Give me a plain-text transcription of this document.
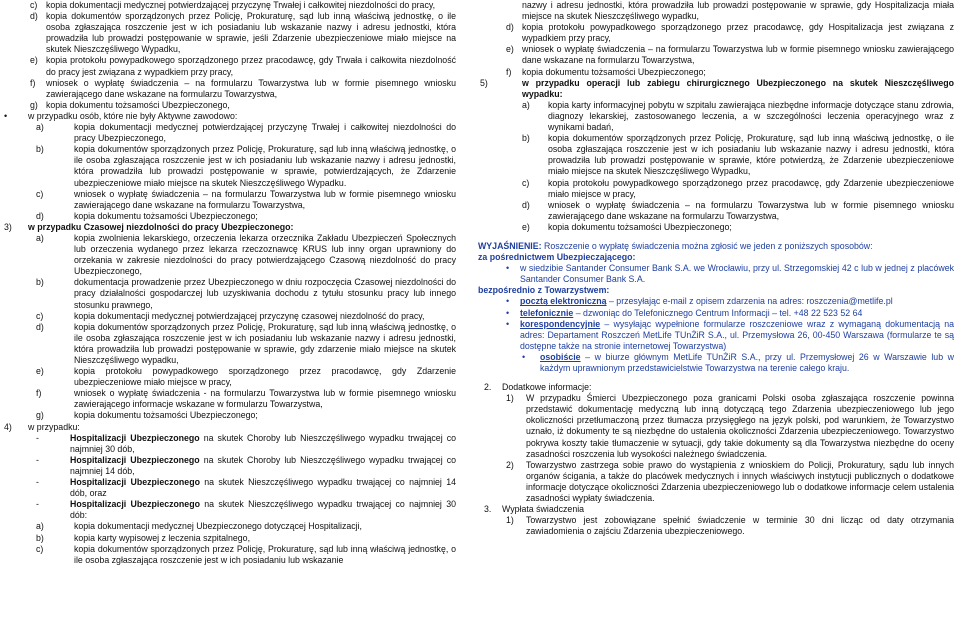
c) kopia dokumentacji medycznej potwierdzającej przyczynę Trwałej i całkowitej niezdolności do pracy,
d) kopia dokumentów sporządzonych przez Policję, Prokuraturę, sąd lub inną właściwą jednostkę, o ile osoba zgłaszająca roszczenie jest w ich posiadaniu lub wskazanie nazwy i adresu jednostki, która prowadziła lub prowadzi postępowanie w sprawie, jeśli Zdarzenie ubezpieczeniowe miało miejsce na skutek Nieszczęśliwego Wypadku,
e) kopia protokołu powypadkowego sporządzonego przez pracodawcę, gdy Trwała i całkowita niezdolność do pracy jest związana z wypadkiem przy pracy,
f) wniosek o wypłatę świadczenia – na formularzu Towarzystwa lub w formie pisemnego wniosku zawierającego dane wskazane na formularzu Towarzystwa,
g) kopia dokumentu tożsamości Ubezpieczonego,
• w przypadku osób, które nie były Aktywne zawodowo:
a)	kopia dokumentacji medycznej potwierdzającej przyczynę Trwałej i całkowitej niezdolności do pracy Ubezpieczonego,
b)	kopia dokumentów sporządzonych przez Policję, Prokuraturę, sąd lub inną właściwą jednostkę, o ile osoba zgłaszająca roszczenie jest w ich posiadaniu lub wskazanie nazwy i adresu jednostki, która prowadziła lub prowadzi postępowanie w sprawie, potwierdzających, że Zdarzenie ubezpieczeniowe miało miejsce na skutek Nieszczęśliwego Wypadku.
c)	wniosek o wypłatę świadczenia – na formularzu Towarzystwa lub w formie pisemnego wniosku zawierającego dane wskazane na formularzu Towarzystwa,
d)	kopia dokumentu tożsamości Ubezpieczonego;
3) w przypadku Czasowej niezdolności do pracy Ubezpieczonego:
a)	kopia zwolnienia lekarskiego, orzeczenia lekarza orzecznika Zakładu Ubezpieczeń Społecznych lub orzeczenia wydanego przez lekarza rzeczoznawcę KRUS lub inny organ uprawniony do orzekania w zakresie niezdolności do pracy potwierdzającego Czasową niezdolność do pracy Ubezpieczonego,
b)	dokumentacja prowadzenie przez Ubezpieczonego w dniu rozpoczęcia Czasowej niezdolności do pracy działalności gospodarczej lub uzyskiwania dochodu z tytułu stosunku pracy lub innego stosunku prawnego,
c)	kopia dokumentacji medycznej potwierdzającej przyczynę czasowej niezdolność do pracy,
d)	kopia dokumentów sporządzonych przez Policję, Prokuraturę, sąd lub inną właściwą jednostkę, o ile osoba zgłaszająca roszczenie jest w ich posiadaniu lub wskazanie nazwy i adresu jednostki, która prowadziła lub prowadzi postępowanie w sprawie, gdy zdarzenie miało miejsce na skutek Nieszczęśliwego wypadku,
e)	kopia protokołu powypadkowego sporządzonego przez pracodawcę, gdy Zdarzenie ubezpieczeniowe miało miejsce w pracy,
f)	wniosek o wypłatę świadczenia - na formularzu Towarzystwa lub w formie pisemnego wniosku zawierającego informacje wskazane w formularzu Towarzystwa,
g)	kopia dokumentu tożsamości Ubezpieczonego;
4) w przypadku:
-	Hospitalizacji Ubezpieczonego na skutek Choroby lub Nieszczęśliwego wypadku trwającej co najmniej 30 dób,
-	Hospitalizacji Ubezpieczonego na skutek Choroby lub Nieszczęśliwego wypadku trwającej co najmniej 14 dób,
-	Hospitalizacji Ubezpieczonego na skutek Nieszczęśliwego wypadku trwającej co najmniej 14 dób, oraz
-	Hospitalizacji Ubezpieczonego na skutek Nieszczęśliwego wypadku trwającej co najmniej 30 dób:
a)	kopia dokumentacji medycznej Ubezpieczonego dotyczącej Hospitalizacji,
b)	kopia karty wypisowej z leczenia szpitalnego,
c)	kopia dokumentów sporządzonych przez Policję, Prokuraturę, sąd lub inną właściwą jednostkę, o ile osoba zgłaszająca roszczenie jest w ich posiadaniu lub wskazanie
nazwy i adresu jednostki, która prowadziła lub prowadzi postępowanie w sprawie, gdy Hospitalizacja miała miejsce na skutek Nieszczęśliwego wypadku,
d) kopia protokołu powypadkowego sporządzonego przez pracodawcę, gdy Hospitalizacja jest związana z wypadkiem przy pracy,
e) wniosek o wypłatę świadczenia – na formularzu Towarzystwa lub w formie pisemnego wniosku zawierającego dane wskazane na formularzu Towarzystwa,
f) kopia dokumentu tożsamości Ubezpieczonego;
5)	w przypadku operacji lub zabiegu chirurgicznego Ubezpieczonego na skutek Nieszczęśliwego wypadku:
a) kopia karty informacyjnej pobytu w szpitalu zawierająca niezbędne informacje dotyczące stanu zdrowia, diagnozy lekarskiej, zastosowanego leczenia, a w szczególności leczenia operacyjnego wraz z wynikami badań,
b) kopia dokumentów sporządzonych przez Policję, Prokuraturę, sąd lub inną właściwą jednostkę, o ile osoba zgłaszająca roszczenie jest w ich posiadaniu lub wskazanie nazwy i adresu jednostki, która prowadziła lub prowadzi postępowanie w sprawie, które potwierdzą, że Zdarzenie ubezpieczeniowe miało miejsce na skutek Nieszczęśliwego Wypadku,
c) kopia protokołu powypadkowego sporządzonego przez pracodawcę, gdy Zdarzenie ubezpieczeniowe miało miejsce w pracy,
d) wniosek o wypłatę świadczenia – na formularzu Towarzystwa lub w formie pisemnego wniosku zawierającego dane wskazane na formularzu Towarzystwa,
e) kopia dokumentu tożsamości Ubezpieczonego;
WYJAŚNIENIE: Roszczenie o wypłatę świadczenia można zgłosić we jeden z poniższych sposobów:
za pośrednictwem Ubezpieczającego:
• w siedzibie Santander Consumer Bank S.A. we Wrocławiu, przy ul. Strzegomskiej 42 c lub w jednej z placówek Santander Consumer Bank S.A.
bezpośrednio z Towarzystwem:
• pocztą elektroniczną – przesyłając e-mail z opisem zdarzenia na adres: roszczenia@metlife.pl
• telefonicznie – dzwoniąc do Telefonicznego Centrum Informacji – tel. +48 22 523 52 64
• korespondencyjnie – wysyłając wypełnione formularze roszczeniowe wraz z wymaganą dokumentacją na adres: Departament Roszczeń MetLife TUnŻiR S.A., ul. Przemysłowa 26, 00-450 Warszawa (formularze te są dostępne także na stronie internetowej Towarzystwa)
• osobiście – w biurze głównym MetLife TUnŻiR S.A., przy ul. Przemysłowej 26 w Warszawie lub w każdym uprawnionym przedstawicielstwie Towarzystwa na terenie całego kraju.
2. Dodatkowe informacje:
1) W przypadku Śmierci Ubezpieczonego poza granicami Polski osoba zgłaszająca roszczenie powinna przedstawić dokumentację medyczną lub inną dotyczącą tego Zdarzenia ubezpieczeniowego lub jego okoliczności przetłumaczoną przez tłumacza przysięgłego na język polski, pod warunkiem, że Towarzystwo uznało, iż dokumenty te są niezbędne do ustalenia okoliczności Zdarzenia ubezpieczeniowego. Towarzystwo pokrywa koszty takie tłumaczenie w sytuacji, gdy takie dokumenty są dla Towarzystwa niezbędne do oceny zasadności roszczenia lub wysokości należnego świadczenia.
2) Towarzystwo zastrzega sobie prawo do wystąpienia z wnioskiem do Policji, Prokuratury, sądu lub innych organów ścigania, a także do placówek medycznych i innych właściwych instytucji publicznych o dodatkowe informacje dotyczące okoliczności Zdarzenia ubezpieczeniowego lub o dodatkowe informacje celem ustalenia zasadności wypłaty świadczenia.
3. Wypłata świadczenia
1) Towarzystwo jest zobowiązane spełnić świadczenie w terminie 30 dni licząc od daty otrzymania zawiadomienia o zajściu Zdarzenia ubezpieczeniowego.
